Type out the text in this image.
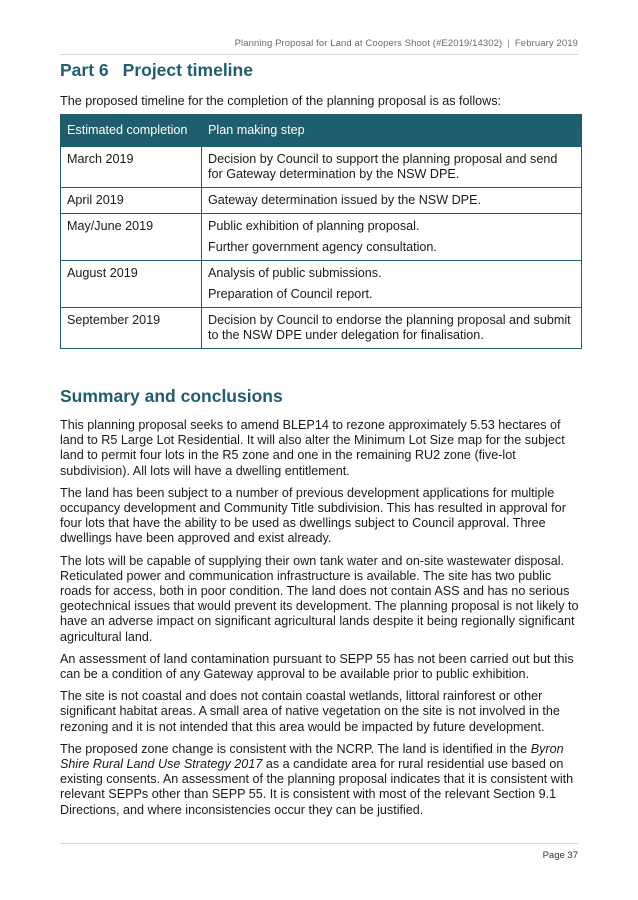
Planning Proposal for Land at Coopers Shoot (#E2019/14302) | February 2019
Part 6 Project timeline

The proposed timeline for the completion of the planning proposal is as follows:

Estimated completion	Plan making step
March 2019	Decision by Council to support the planning proposal and send for Gateway determination by the NSW DPE.

April 2019	Gateway determination issued by the NSW DPE.

May/June 2019	Public exhibition of planning proposal.

Further government agency consultation.

August 2019	Analysis of public submissions.

Preparation of Council report.

September 2019	Decision by Council to endorse the planning proposal and submit to the NSW DPE under delegation for finalisation.

Summary and conclusions

This planning proposal seeks to amend BLEP14 to rezone approximately 5.53 hectares of land to R5 Large Lot Residential. It will also alter the Minimum Lot Size map for the subject land to permit four lots in the R5 zone and one in the remaining RU2 zone (five-lot subdivision). All lots will have a dwelling entitlement.

The land has been subject to a number of previous development applications for multiple occupancy development and Community Title subdivision. This has resulted in approval for four lots that have the ability to be used as dwellings subject to Council approval. Three dwellings have been approved and exist already.

The lots will be capable of supplying their own tank water and on-site wastewater disposal. Reticulated power and communication infrastructure is available. The site has two public roads for access, both in poor condition. The land does not contain ASS and has no serious geotechnical issues that would prevent its development. The planning proposal is not likely to have an adverse impact on significant agricultural lands despite it being regionally significant agricultural land.

An assessment of land contamination pursuant to SEPP 55 has not been carried out but this can be a condition of any Gateway approval to be available prior to public exhibition.

The site is not coastal and does not contain coastal wetlands, littoral rainforest or other significant habitat areas. A small area of native vegetation on the site is not involved in the rezoning and it is not intended that this area would be impacted by future development.

The proposed zone change is consistent with the NCRP. The land is identified in the Byron Shire Rural Land Use Strategy 2017 as a candidate area for rural residential use based on existing consents. An assessment of the planning proposal indicates that it is consistent with relevant SEPPs other than SEPP 55. It is consistent with most of the relevant Section 9.1 Directions, and where inconsistencies occur they can be justified.

Page 37
